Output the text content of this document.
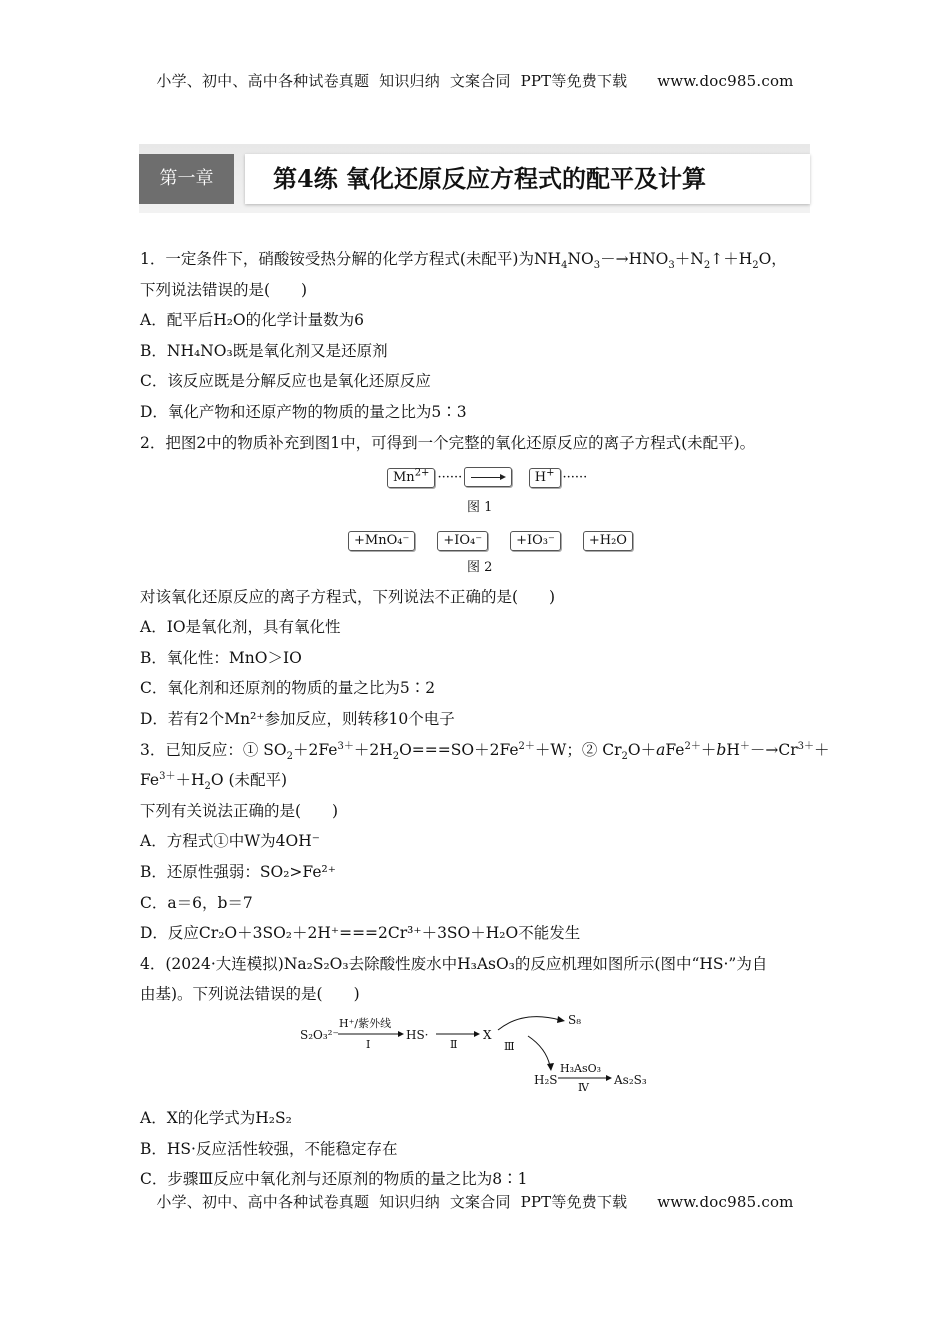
小学、初中、高中各种试卷真题  知识归纳  文案合同  PPT等免费下载 www.doc985.com
第一章	第4练 氧化还原反应方程式的配平及计算
1．一定条件下，硝酸铵受热分解的化学方程式(未配平)为$NH_4NO_3-\to HNO_3+N_2↑+H_2O$，
下列说法错误的是(　　)
A．配平后H₂O的化学计量数为6
B．NH₄NO₃既是氧化剂又是还原剂
C．该反应既是分解反应也是氧化还原反应
D．氧化产物和还原产物的物质的量之比为5∶3
2．把图2中的物质补充到图1中，可得到一个完整的氧化还原反应的离子方程式(未配平)。
$Mn^{2+}$ ······	H+ ······
图 1
+MnO₄⁻	+IO₄⁻	+IO₃⁻	+H₂O
图 2
对该氧化还原反应的离子方程式，下列说法不正确的是(　　)
A．IO是氧化剂，具有氧化性
B．氧化性：MnO＞IO
C．氧化剂和还原剂的物质的量之比为5∶2
D．若有2个Mn²⁺参加反应，则转移10个电子
3．已知反应：① $SO_2+2Fe^{3+}+2H_2O===SO+2Fe^{2+}+W$；② $Cr_2O+aFe^{2+}+bH^+-\to Cr^{3+}+$
$Fe^{3+}+H_2O$ (未配平)
下列有关说法正确的是(　　)
A．方程式①中W为4OH⁻
B．还原性强弱：SO₂>Fe²⁺
C．a＝6，b＝7
D．反应Cr₂O＋3SO₂＋2H⁺===2Cr³⁺＋3SO＋H₂O不能发生
4．(2024·大连模拟)Na₂S₂O₃去除酸性废水中H₃AsO₃的反应机理如图所示(图中“HS·”为自
由基)。下列说法错误的是(　　)
S₂O₃²⁻
H⁺/紫外线
Ⅰ
HS·
Ⅱ
X
S₈
Ⅲ
H₂S
H₃AsO₃
Ⅳ
As₂S₃
A．X的化学式为H₂S₂
B．HS·反应活性较强，不能稳定存在
C．步骤Ⅲ反应中氧化剂与还原剂的物质的量之比为8∶1
小学、初中、高中各种试卷真题  知识归纳  文案合同  PPT等免费下载 www.doc985.com
